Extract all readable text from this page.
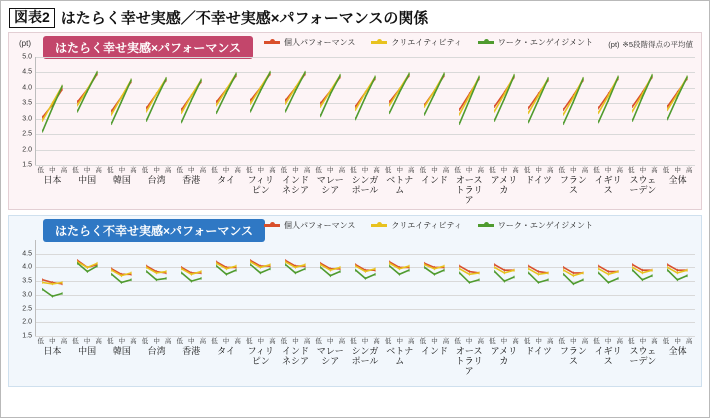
図表2 はたらく幸せ実感／不幸せ実感×パフォーマンスの関係
(pt)	はたらく幸せ実感×パフォーマンス	個人パフォーマンス	クリエイティビティ	ワーク・エンゲイジメント (pt) ※5段階得点の平均値
1.5
2.0
2.5
3.0
3.5
4.0
4.5
5.0
低 中 高 低 中 高 低 中 高 低 中 高 低 中 高 低 中 高 低 中 高 低 中 高 低 中 高 低 中 高 低 中 高 低 中 高 低 中 高 低 中 高 低 中 高 低 中 高 低 中 高 低 中 高 低 中 高
日本	中国	韓国	台湾	香港	タイ	フィリピン
インドネシア
マレーシア
シンガポール
ベトナム
インド オーストラリア
アメリカ
ドイツ フランス
イギリス
スウェーデン
全体
はたらく不幸せ実感×パフォーマンス	個人パフォーマンス	クリエイティビティ	ワーク・エンゲイジメント
1.5
2.0
2.5
3.0
3.5
4.0
4.5
低 中 高 低 中 高 低 中 高 低 中 高 低 中 高 低 中 高 低 中 高 低 中 高 低 中 高 低 中 高 低 中 高 低 中 高 低 中 高 低 中 高 低 中 高 低 中 高 低 中 高 低 中 高 低 中 高
日本	中国	韓国	台湾	香港	タイ	フィリピン
インドネシア
マレーシア
シンガポール
ベトナム
インド オーストラリア
アメリカ
ドイツ フランス
イギリス
スウェーデン
全体
